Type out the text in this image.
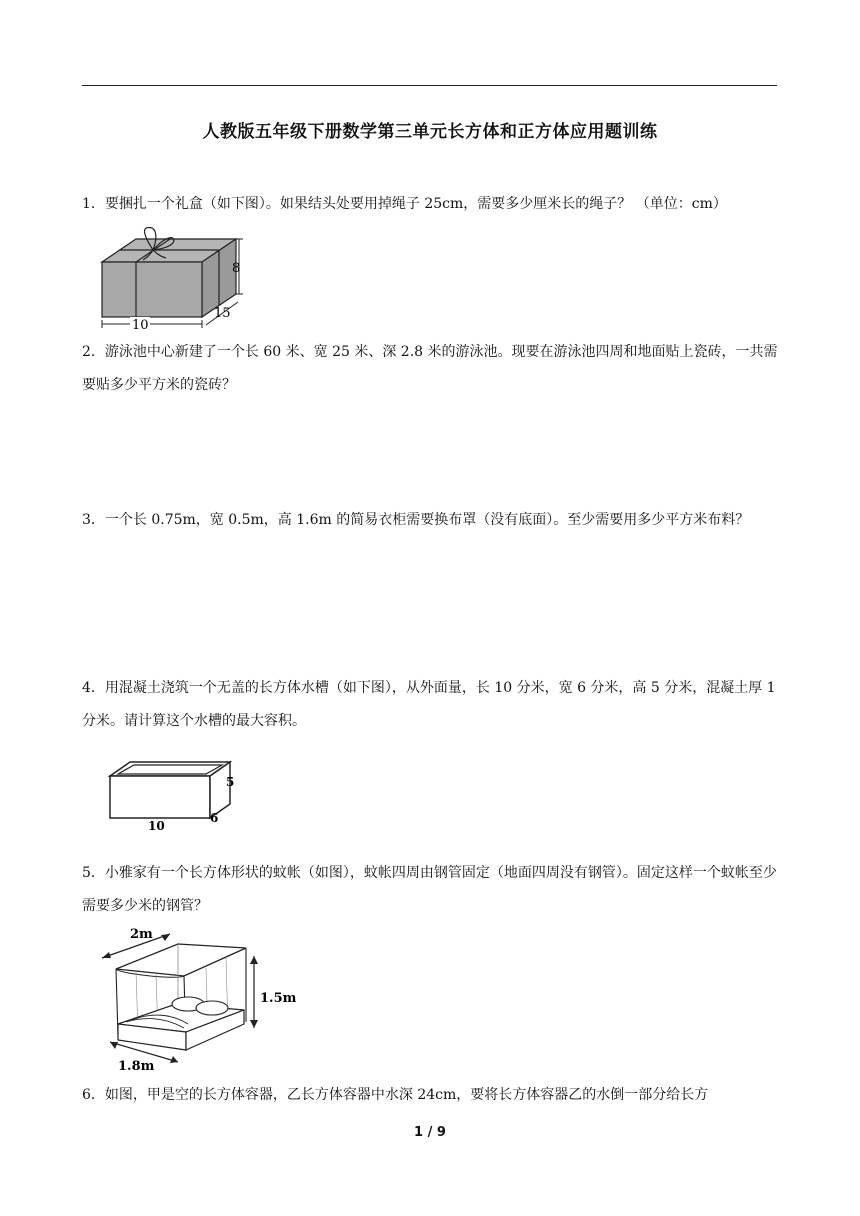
人教版五年级下册数学第三单元长方体和正方体应用题训练
1．要捆扎一个礼盒（如下图）。如果结头处要用掉绳子 25cm，需要多少厘米长的绳子？ （单位：cm）
8
10
15
2．游泳池中心新建了一个长 60 米、宽 25 米、深 2.8 米的游泳池。现要在游泳池四周和地面贴上瓷砖，一共需要贴多少平方米的瓷砖？
3．一个长 0.75m，宽 0.5m，高 1.6m 的简易衣柜需要换布罩（没有底面）。至少需要用多少平方米布料？
4．用混凝土浇筑一个无盖的长方体水槽（如下图），从外面量，长 10 分米，宽 6 分米，高 5 分米，混凝土厚 1 分米。请计算这个水槽的最大容积。
5
6
10
5．小雅家有一个长方体形状的蚊帐（如图），蚊帐四周由钢管固定（地面四周没有钢管）。固定这样一个蚊帐至少需要多少米的钢管？
2m
1.5m
1.8m
6．如图，甲是空的长方体容器，乙长方体容器中水深 24cm，要将长方体容器乙的水倒一部分给长方
1 / 9
